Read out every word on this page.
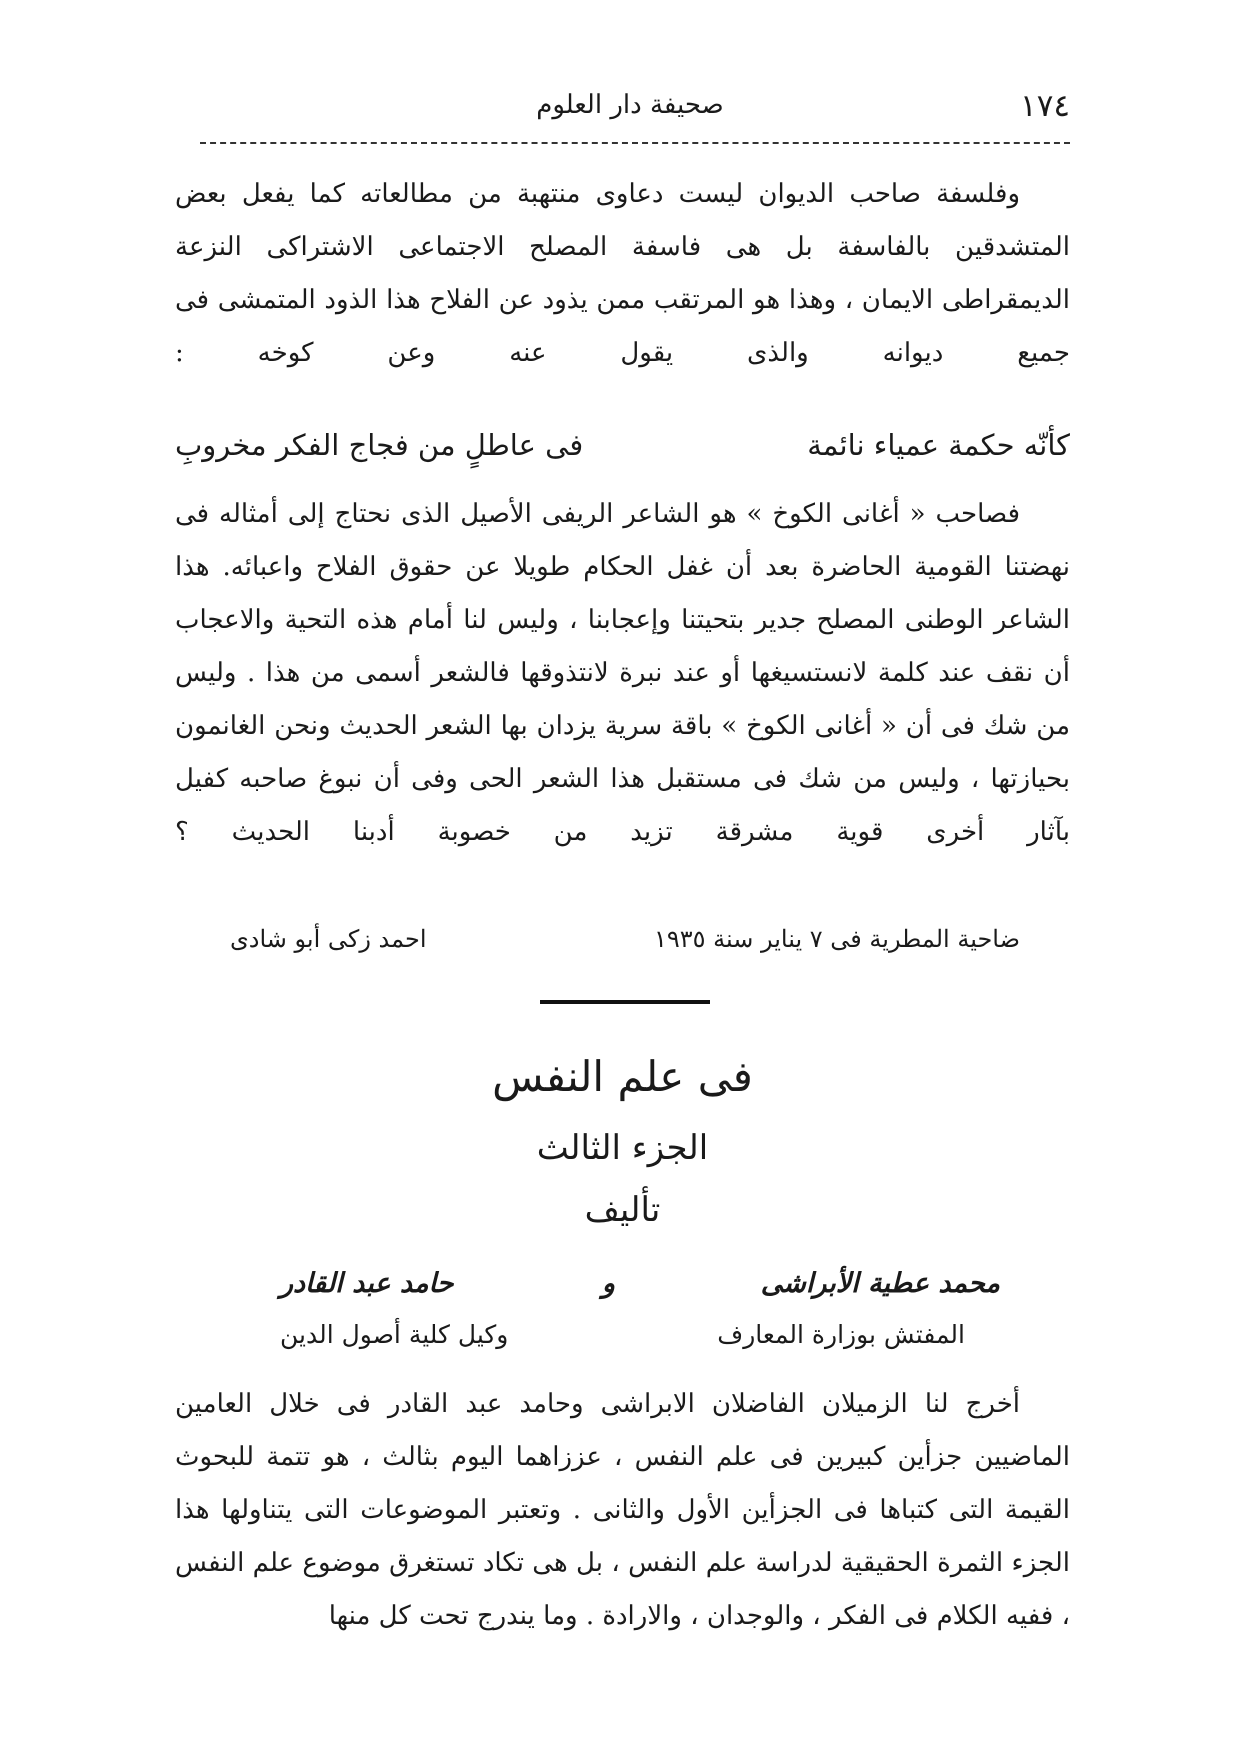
١٧٤
صحيفة دار العلوم

وفلسفة صاحب الديوان ليست دعاوى منتهبة من مطالعاته كما يفعل بعض المتشدقين بالفاسفة بل هى فاسفة المصلح الاجتماعى الاشتراكى النزعة الديمقراطى الايمان ، وهذا هو المرتقب ممن يذود عن الفلاح هذا الذود المتمشى فى جميع ديوانه والذى يقول عنه وعن كوخه :

كأنّه حكمة عمياء نائمة
فى عاطلٍ من فجاج الفكر مخروبِ

فصاحب « أغانى الكوخ » هو الشاعر الريفى الأصيل الذى نحتاج إلى أمثاله فى نهضتنا القومية الحاضرة بعد أن غفل الحكام طويلا عن حقوق الفلاح واعبائه. هذا الشاعر الوطنى المصلح جدير بتحيتنا وإعجابنا ، وليس لنا أمام هذه التحية والاعجاب أن نقف عند كلمة لانستسيغها أو عند نبرة لانتذوقها فالشعر أسمى من هذا . وليس من شك فى أن « أغانى الكوخ » باقة سرية يزدان بها الشعر الحديث ونحن الغانمون بحيازتها ، وليس من شك فى مستقبل هذا الشعر الحى وفى أن نبوغ صاحبه كفيل بآثار أخرى قوية مشرقة تزيد من خصوبة أدبنا الحديث ؟

ضاحية المطرية فى ٧ يناير سنة ١٩٣٥
احمد زكى أبو شادى
فى علم النفس
الجزء الثالث
تأليف
محمد عطية الأبراشى
و
حامد عبد القادر
المفتش بوزارة المعارف
وكيل كلية أصول الدين

أخرج لنا الزميلان الفاضلان الابراشى وحامد عبد القادر فى خلال العامين الماضيين جزأين كبيرين فى علم النفس ، عززاهما اليوم بثالث ، هو تتمة للبحوث القيمة التى كتباها فى الجزأين الأول والثانى . وتعتبر الموضوعات التى يتناولها هذا الجزء الثمرة الحقيقية لدراسة علم النفس ، بل هى تكاد تستغرق موضوع علم النفس ، ففيه الكلام فى الفكر ، والوجدان ، والارادة . وما يندرج تحت كل منها
